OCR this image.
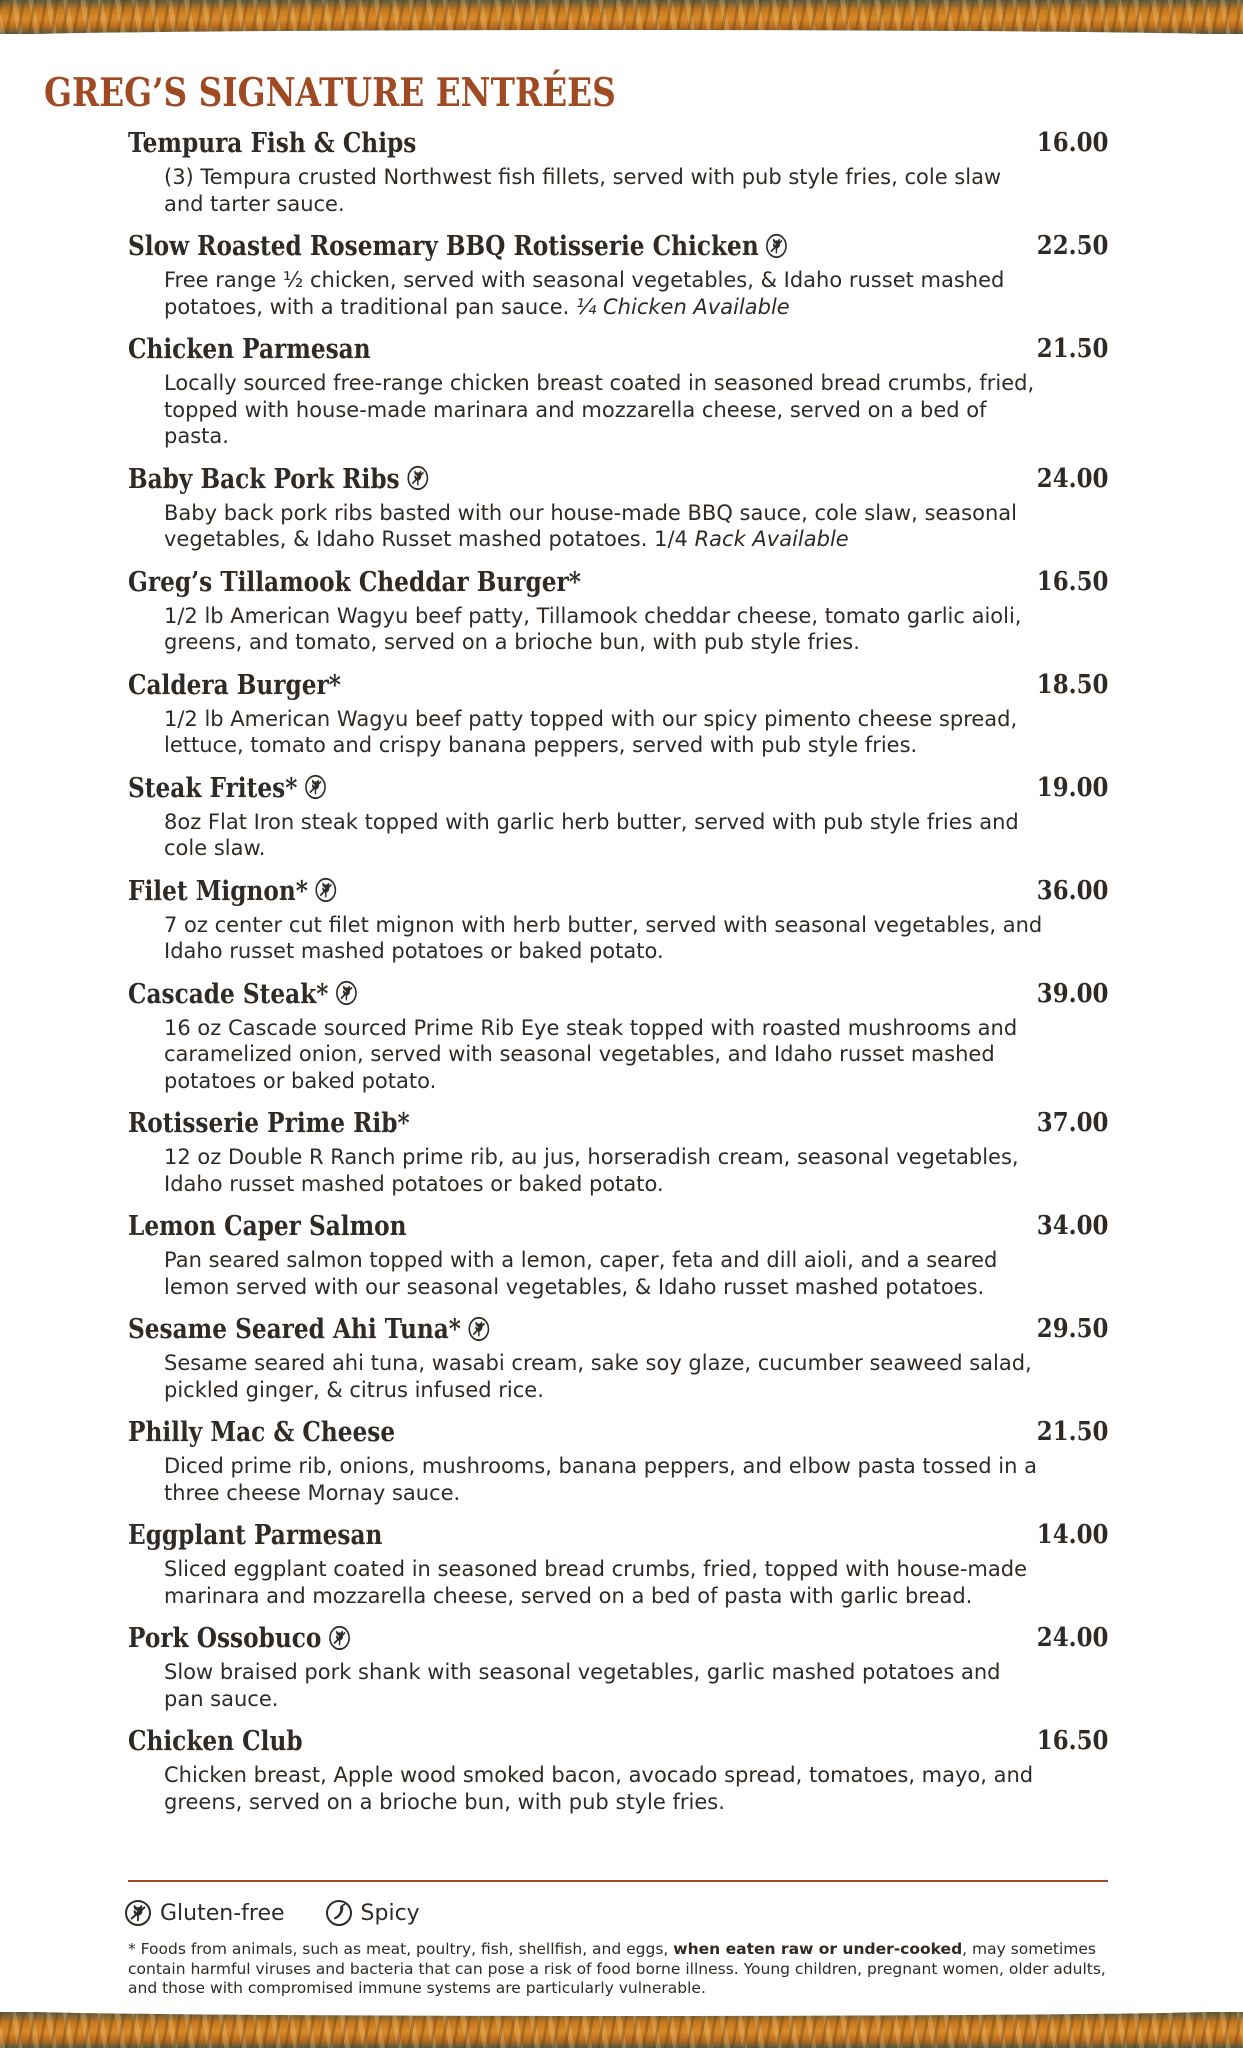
GREG’S SIGNATURE ENTRÉES
Tempura Fish & Chips	16.00

(3) Tempura crusted Northwest fish fillets, served with pub style fries, cole slaw and tarter sauce.

Slow Roasted Rosemary BBQ Rotisserie Chicken	22.50

Free range ½ chicken, served with seasonal vegetables, & Idaho russet mashed potatoes, with a traditional pan sauce. ¼ Chicken Available

Chicken Parmesan	21.50

Locally sourced free-range chicken breast coated in seasoned bread crumbs, fried, topped with house-made marinara and mozzarella cheese, served on a bed of pasta.

Baby Back Pork Ribs	24.00

Baby back pork ribs basted with our house-made BBQ sauce, cole slaw, seasonal vegetables, & Idaho Russet mashed potatoes. 1/4 Rack Available

Greg’s Tillamook Cheddar Burger*	16.50

1/2 lb American Wagyu beef patty, Tillamook cheddar cheese, tomato garlic aioli, greens, and tomato, served on a brioche bun, with pub style fries.

Caldera Burger*	18.50

1/2 lb American Wagyu beef patty topped with our spicy pimento cheese spread, lettuce, tomato and crispy banana peppers, served with pub style fries.

Steak Frites*	19.00

8oz Flat Iron steak topped with garlic herb butter, served with pub style fries and cole slaw.

Filet Mignon*	36.00

7 oz center cut filet mignon with herb butter, served with seasonal vegetables, and Idaho russet mashed potatoes or baked potato.

Cascade Steak*	39.00

16 oz Cascade sourced Prime Rib Eye steak topped with roasted mushrooms and caramelized onion, served with seasonal vegetables, and Idaho russet mashed potatoes or baked potato.

Rotisserie Prime Rib*	37.00

12 oz Double R Ranch prime rib, au jus, horseradish cream, seasonal vegetables, Idaho russet mashed potatoes or baked potato.

Lemon Caper Salmon	34.00

Pan seared salmon topped with a lemon, caper, feta and dill aioli, and a seared lemon served with our seasonal vegetables, & Idaho russet mashed potatoes.

Sesame Seared Ahi Tuna*	29.50

Sesame seared ahi tuna, wasabi cream, sake soy glaze, cucumber seaweed salad, pickled ginger, & citrus infused rice.

Philly Mac & Cheese	21.50

Diced prime rib, onions, mushrooms, banana peppers, and elbow pasta tossed in a three cheese Mornay sauce.

Eggplant Parmesan	14.00

Sliced eggplant coated in seasoned bread crumbs, fried, topped with house-made marinara and mozzarella cheese, served on a bed of pasta with garlic bread.

Pork Ossobuco	24.00

Slow braised pork shank with seasonal vegetables, garlic mashed potatoes and pan sauce.

Chicken Club	16.50

Chicken breast, Apple wood smoked bacon, avocado spread, tomatoes, mayo, and greens, served on a brioche bun, with pub style fries.

Gluten-free	Spicy

* Foods from animals, such as meat, poultry, fish, shellfish, and eggs, when eaten raw or under-cooked, may sometimes contain harmful viruses and bacteria that can pose a risk of food borne illness. Young children, pregnant women, older adults, and those with compromised immune systems are particularly vulnerable.
